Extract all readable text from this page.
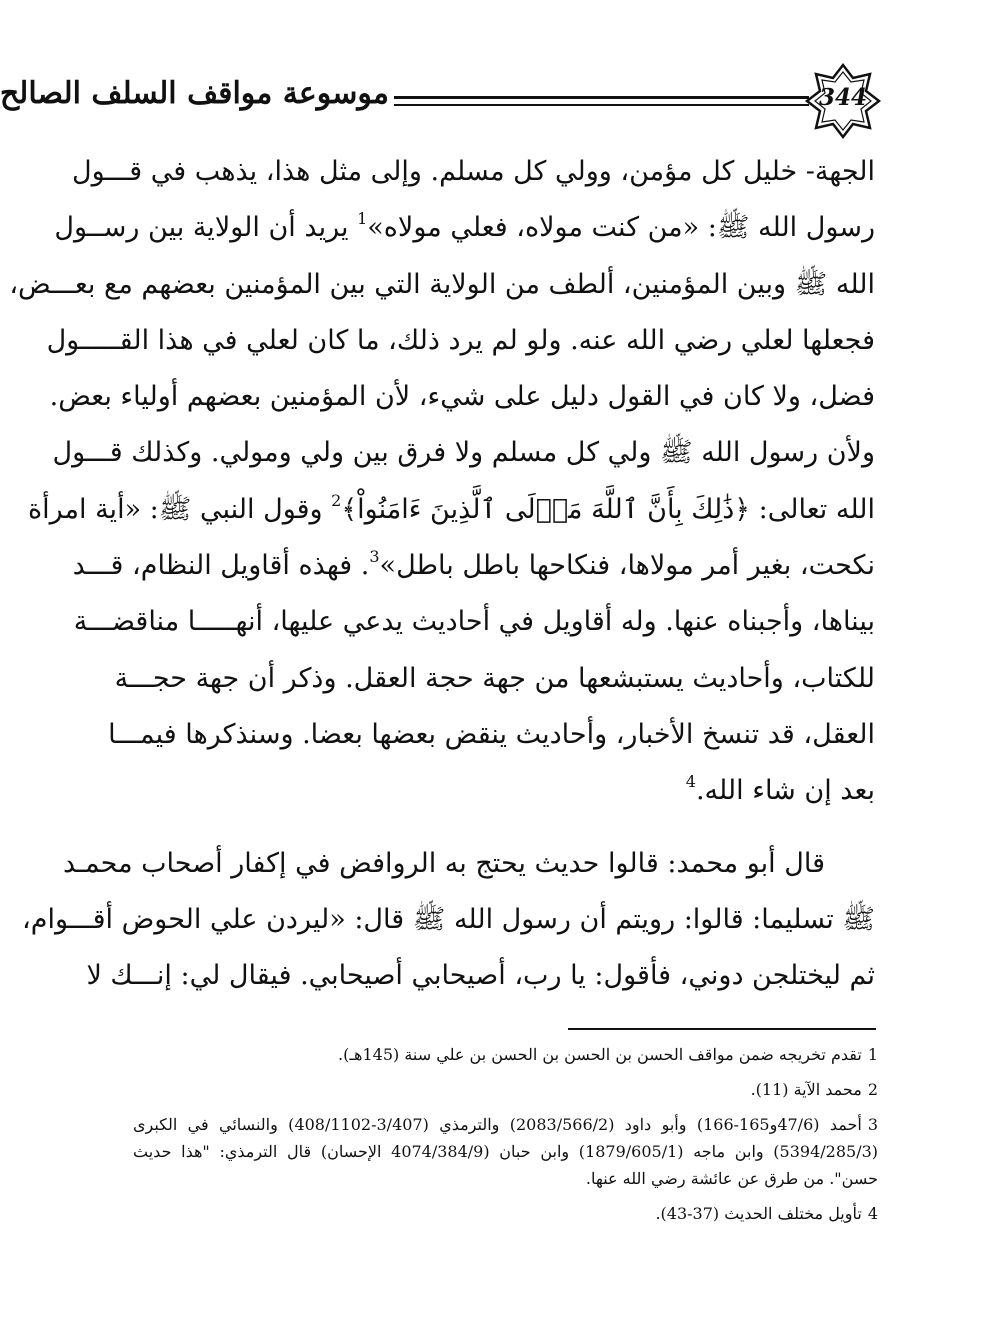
موسوعة مواقف السلف الصالح	344
الجهة- خليل كل مؤمن، وولي كل مسلم. وإلى مثل هذا، يذهب في قـــول
رسول الله ﷺ: «من كنت مولاه، فعلي مولاه»$^1$ يريد أن الولاية بين رســول
الله ﷺ وبين المؤمنين، ألطف من الولاية التي بين المؤمنين بعضهم مع بعـــض،
فجعلها لعلي رضي الله عنه. ولو لم يرد ذلك، ما كان لعلي في هذا القـــــول
فضل، ولا كان في القول دليل على شيء، لأن المؤمنين بعضهم أولياء بعض.
ولأن رسول الله ﷺ ولي كل مسلم ولا فرق بين ولي ومولي. وكذلك قـــول
الله تعالى: ﴿ذَٰلِكَ بِأَنَّ ٱللَّهَ مَوۡلَى ٱلَّذِينَ ءَامَنُواْ﴾$^2$ وقول النبي ﷺ: «أية امرأة
نكحت، بغير أمر مولاها، فنكاحها باطل باطل»$^3$. فهذه أقاويل النظام، قـــد
بيناها، وأجبناه عنها. وله أقاويل في أحاديث يدعي عليها، أنهـــــا مناقضـــة
للكتاب، وأحاديث يستبشعها من جهة حجة العقل. وذكر أن جهة حجـــة
العقل، قد تنسخ الأخبار، وأحاديث ينقض بعضها بعضا. وسنذكرها فيمـــا
بعد إن شاء الله.$^4$
قال أبو محمد: قالوا حديث يحتج به الروافض في إكفار أصحاب محمـد
ﷺ تسليما: قالوا: رويتم أن رسول الله ﷺ قال: «ليردن علي الحوض أقـــوام،
ثم ليختلجن دوني، فأقول: يا رب، أصيحابي أصيحابي. فيقال لي: إنـــك لا
1تقدم تخريجه ضمن مواقف الحسن بن الحسن بن الحسن بن علي سنة (145هـ).
2محمد الآية (11).
3أحمد (47/6و165-166) وأبو داود (2083/566/2) والترمذي (3/407-408/1102) والنسائي في الكبرى
(5394/285/3) وابن ماجه (1879/605/1) وابن حبان (4074/384/9 الإحسان) قال الترمذي: "هذا حديث
حسن". من طرق عن عائشة رضي الله عنها.
4تأويل مختلف الحديث (37-43).
